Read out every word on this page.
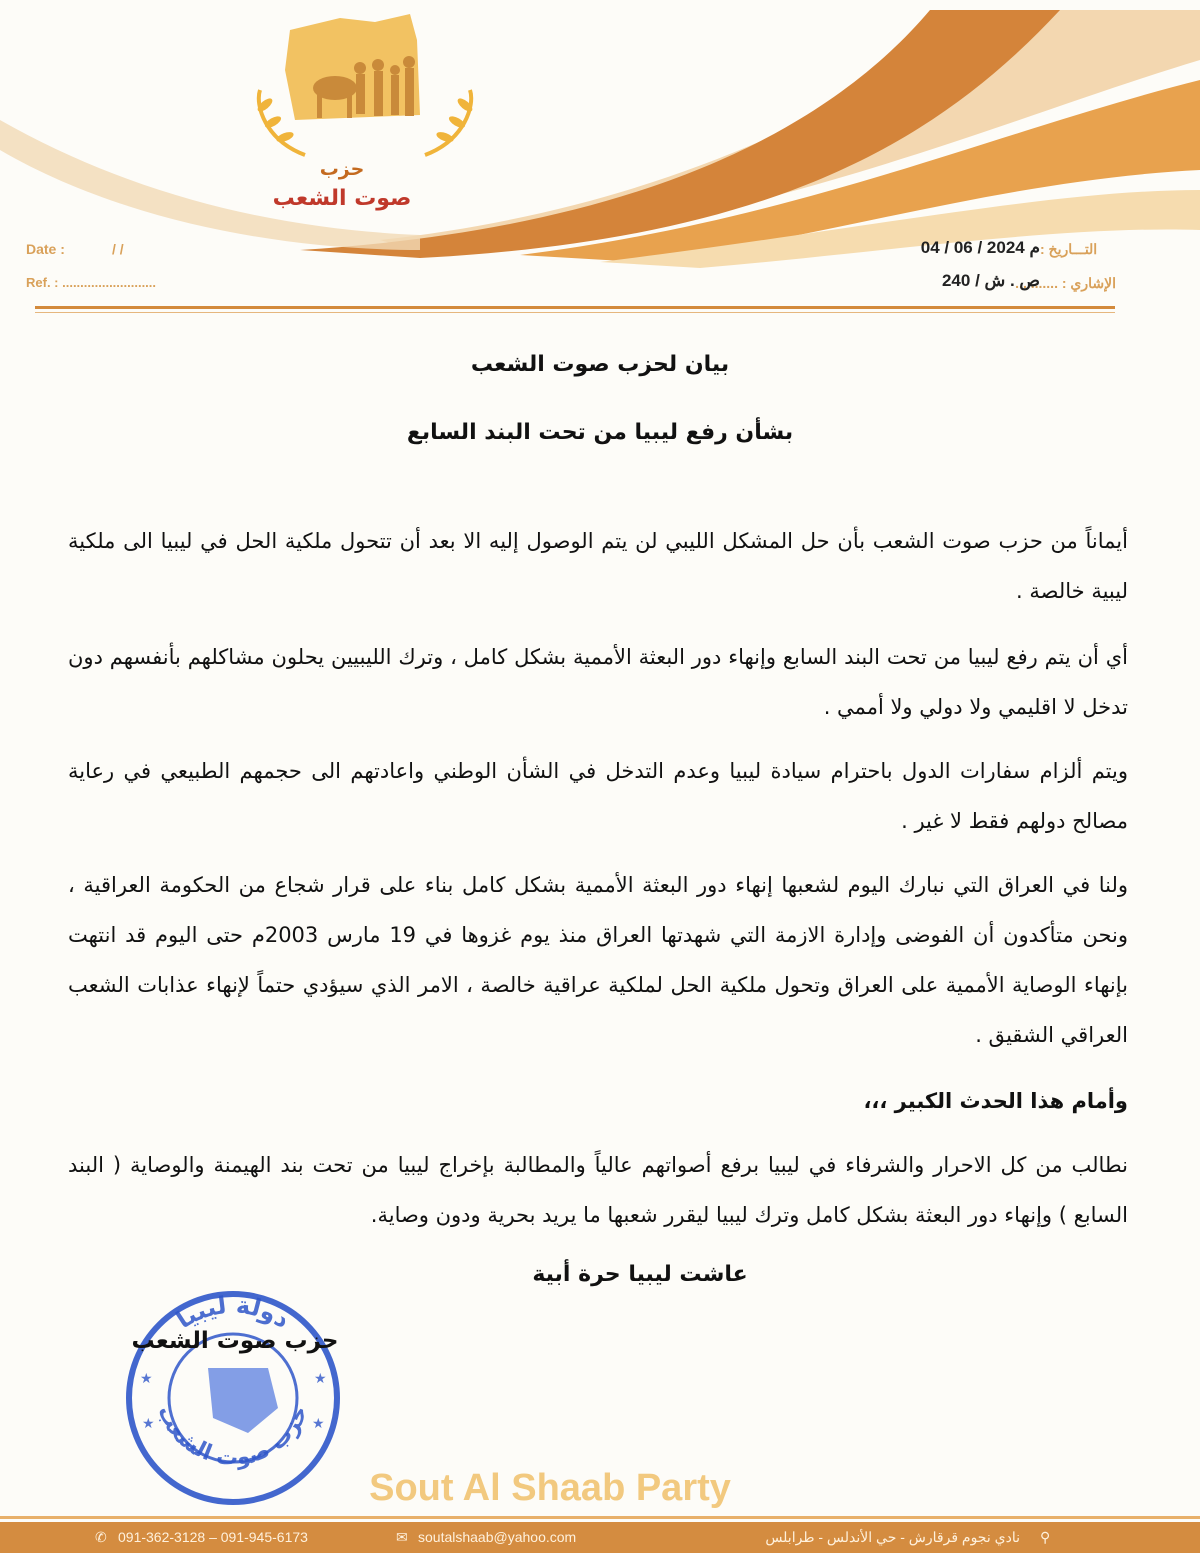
حزب
صوت الشعب
Date :	/ /
Ref. : ..........................
التـــاريخ :
04 / 06 / 2024 م
الإشاري : ...........
ص . ش / 240
بيان لحزب صوت الشعب
بشأن رفع ليبيا من تحت البند السابع
أيماناً من حزب صوت الشعب بأن حل المشكل الليبي لن يتم الوصول إليه الا بعد أن تتحول ملكية الحل في ليبيا الى ملكية ليبية خالصة .
أي أن يتم رفع ليبيا من تحت البند السابع وإنهاء دور البعثة الأممية بشكل كامل ، وترك الليبيين يحلون مشاكلهم بأنفسهم دون تدخل لا اقليمي ولا دولي ولا أممي .
ويتم ألزام سفارات الدول باحترام سيادة ليبيا وعدم التدخل في الشأن الوطني واعادتهم الى حجمهم الطبيعي في رعاية مصالح دولهم فقط لا غير .
ولنا في العراق التي نبارك اليوم لشعبها إنهاء دور البعثة الأممية بشكل كامل بناء على قرار شجاع من الحكومة العراقية ، ونحن متأكدون أن الفوضى وإدارة الازمة التي شهدتها العراق منذ يوم غزوها في 19 مارس 2003م حتى اليوم قد انتهت بإنهاء الوصاية الأممية على العراق وتحول ملكية الحل لملكية عراقية خالصة ، الامر الذي سيؤدي حتماً لإنهاء عذابات الشعب العراقي الشقيق .
وأمام هذا الحدث الكبير ،،،
نطالب من كل الاحرار والشرفاء في ليبيا برفع أصواتهم عالياً والمطالبة بإخراج ليبيا من تحت بند الهيمنة والوصاية ( البند السابع ) وإنهاء دور البعثة بشكل كامل وترك ليبيا ليقرر شعبها ما يريد بحرية ودون وصاية.
عاشت ليبيا حرة أبية
دولة ليبيا
حزب صوت الشعب
★	★
★	★
حزب صوت الشعب
Sout Al Shaab Party
✆ 091-362-3128 – 091-945-6173	✉ soutalshaab@yahoo.com	نادي نجوم قرقارش - حي الأندلس - طرابلس ⚲
